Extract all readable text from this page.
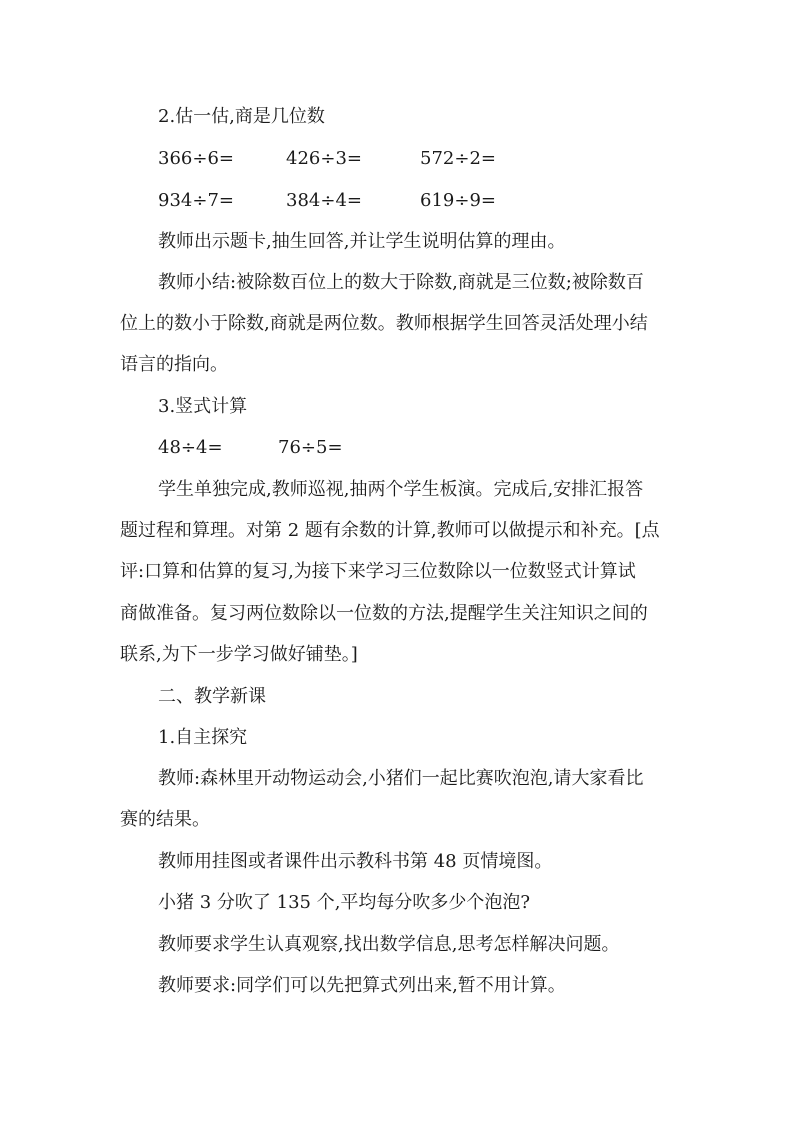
2.估一估,商是几位数
366÷6=	426÷3=	572÷2=
934÷7=	384÷4=	619÷9=
教师出示题卡,抽生回答,并让学生说明估算的理由。
教师小结:被除数百位上的数大于除数,商就是三位数;被除数百
位上的数小于除数,商就是两位数。教师根据学生回答灵活处理小结
语言的指向。
3.竖式计算
48÷4=	76÷5=
学生单独完成,教师巡视,抽两个学生板演。完成后,安排汇报答
题过程和算理。对第 2 题有余数的计算,教师可以做提示和补充。[点
评:口算和估算的复习,为接下来学习三位数除以一位数竖式计算试
商做准备。复习两位数除以一位数的方法,提醒学生关注知识之间的
联系,为下一步学习做好铺垫。]
二、教学新课
1.自主探究
教师:森林里开动物运动会,小猪们一起比赛吹泡泡,请大家看比
赛的结果。
教师用挂图或者课件出示教科书第 48 页情境图。
小猪 3 分吹了 135 个,平均每分吹多少个泡泡?
教师要求学生认真观察,找出数学信息,思考怎样解决问题。
教师要求:同学们可以先把算式列出来,暂不用计算。
